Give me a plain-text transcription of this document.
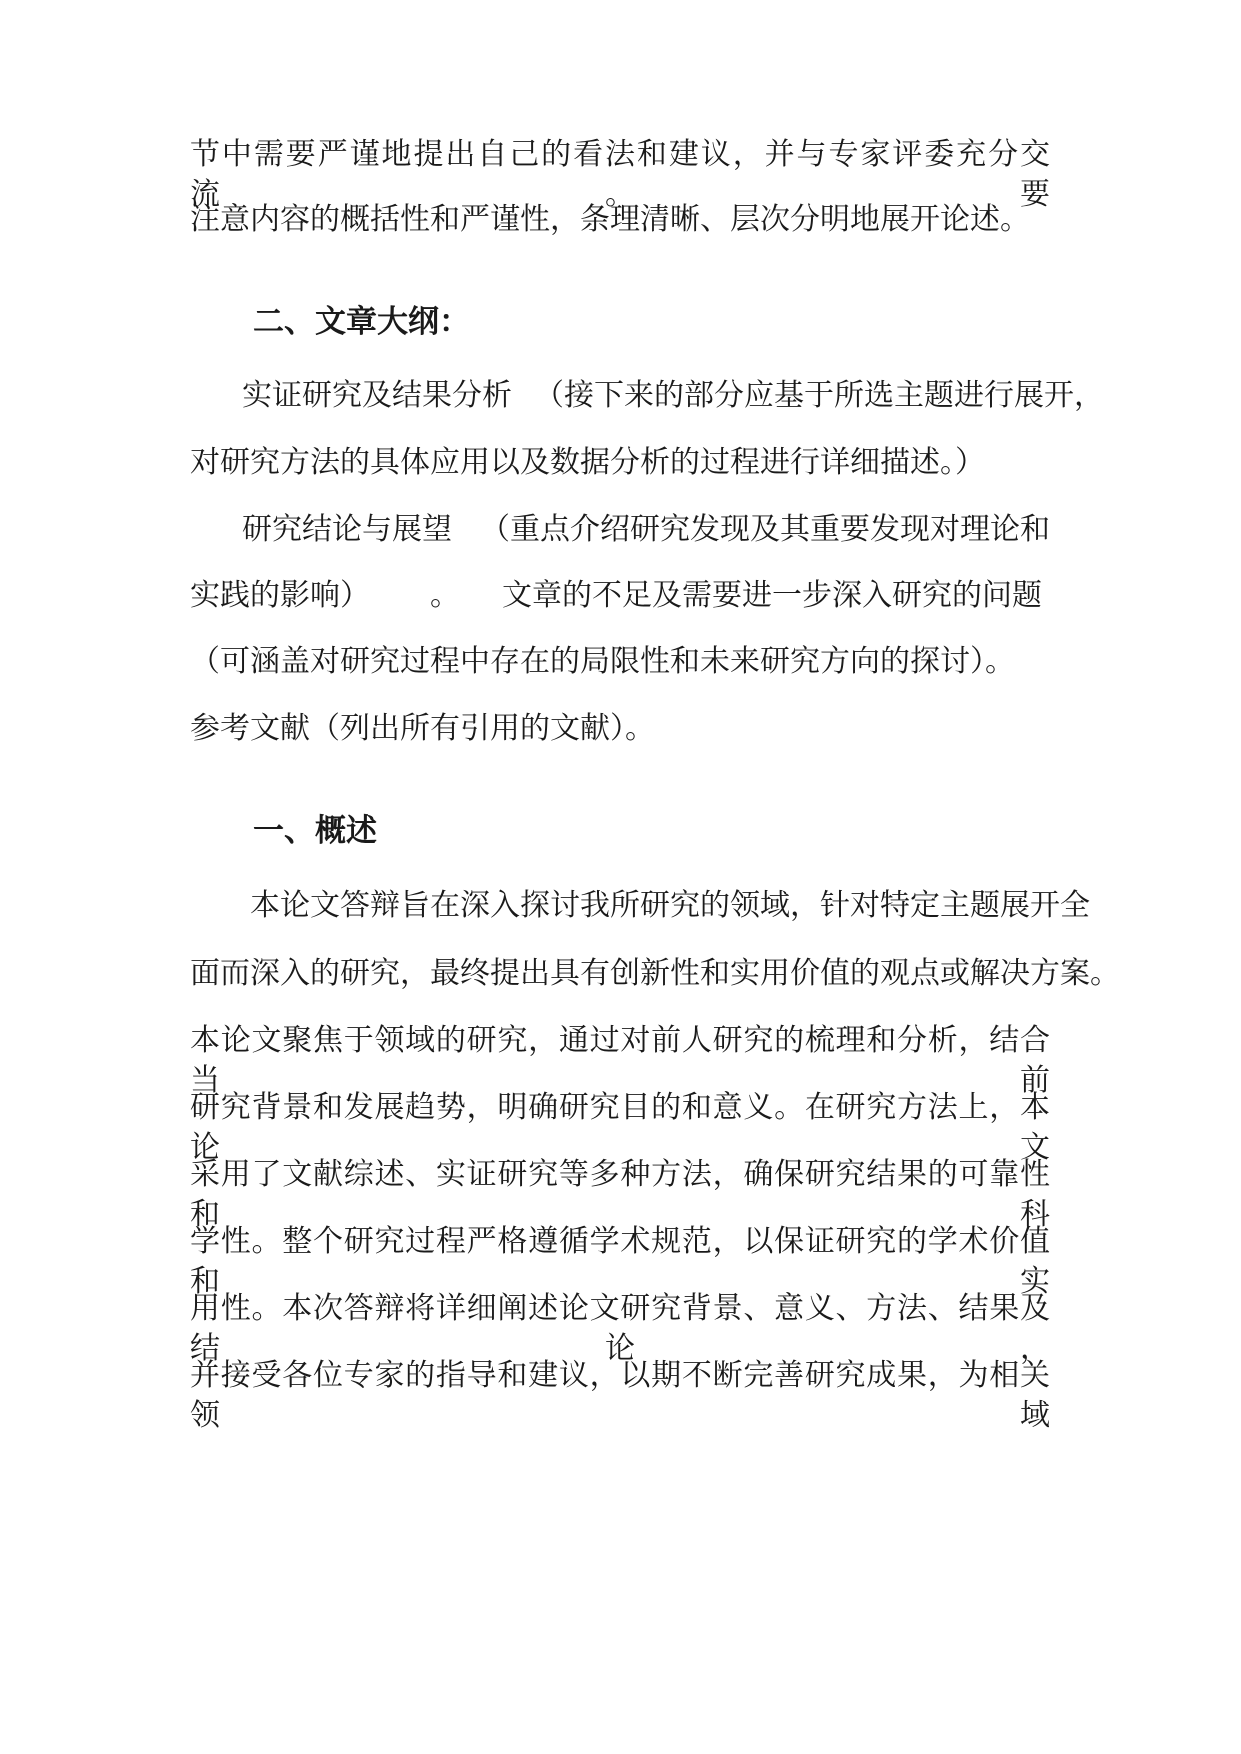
节中需要严谨地提出自己的看法和建议，并与专家评委充分交流。要
注意内容的概括性和严谨性，条理清晰、层次分明地展开论述。
二、文章大纲：
实证研究及结果分析 （接下来的部分应基于所选主题进行展开，
对研究方法的具体应用以及数据分析的过程进行详细描述。）
研究结论与展望 （重点介绍研究发现及其重要发现对理论和
实践的影响） 。 文章的不足及需要进一步深入研究的问题
（可涵盖对研究过程中存在的局限性和未来研究方向的探讨）。
参考文献（列出所有引用的文献）。
一、概述
本论文答辩旨在深入探讨我所研究的领域，针对特定主题展开全
面而深入的研究，最终提出具有创新性和实用价值的观点或解决方案。
本论文聚焦于领域的研究，通过对前人研究的梳理和分析，结合当前
研究背景和发展趋势，明确研究目的和意义。在研究方法上，本论文
采用了文献综述、实证研究等多种方法，确保研究结果的可靠性和科
学性。整个研究过程严格遵循学术规范，以保证研究的学术价值和实
用性。本次答辩将详细阐述论文研究背景、意义、方法、结果及结论，
并接受各位专家的指导和建议，以期不断完善研究成果，为相关领域
